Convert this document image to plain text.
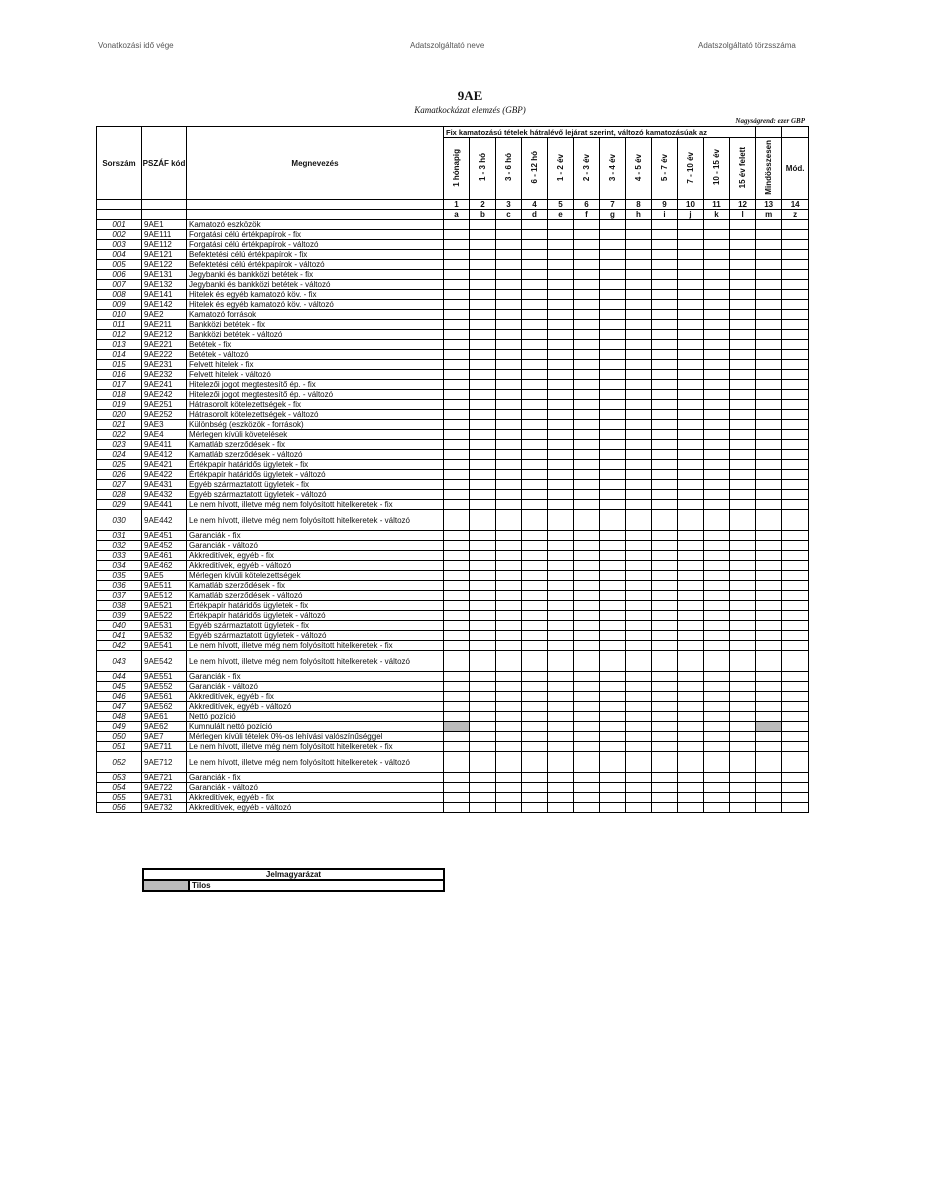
Vonatkozási idő vége	Adatszolgáltató neve	Adatszolgáltató törzsszáma
9AE
Kamatkockázat elemzés (GBP)
Nagyságrend: ezer GBP
Sorszám	PSZÁF kód	Megnevezés	Fix kamatozású tételek hátralévő lejárat szerint, változó kamatozásúak az													
			1 hónapig	1 - 3 hó	3 - 6 hó	6 - 12 hó	1 - 2 év	2 - 3 év	3 - 4 év	4 - 5 év	5 - 7 év	7 - 10 év	10 - 15 év	15 év felett	Mindösszesen	Mód.
			1	2	3	4	5	6	7	8	9	10	11	12	13	14
			a	b	c	d	e	f	g	h	i	j	k	l	m	z
001	9AE1	Kamatozó eszközök														
002	9AE111	Forgatási célú értékpapírok - fix														
003	9AE112	Forgatási célú értékpapírok - változó														
004	9AE121	Befektetési célú értékpapírok - fix														
005	9AE122	Befektetési célú értékpapírok - változó														
006	9AE131	Jegybanki és bankközi betétek - fix														
007	9AE132	Jegybanki és bankközi betétek - változó														
008	9AE141	Hitelek és egyéb kamatozó köv. - fix														
009	9AE142	Hitelek és egyéb kamatozó köv. - változó														
010	9AE2	Kamatozó források														
011	9AE211	Bankközi betétek - fix														
012	9AE212	Bankközi betétek - változó														
013	9AE221	Betétek - fix														
014	9AE222	Betétek - változó														
015	9AE231	Felvett hitelek - fix														
016	9AE232	Felvett hitelek - változó														
017	9AE241	Hitelezői jogot megtestesítő ép. - fix														
018	9AE242	Hitelezői jogot megtestesítő ép. - változó														
019	9AE251	Hátrasorolt kötelezettségek - fix														
020	9AE252	Hátrasorolt kötelezettségek - változó														
021	9AE3	Különbség (eszközök - források)														
022	9AE4	Mérlegen kívüli követelések														
023	9AE411	Kamatláb szerződések - fix														
024	9AE412	Kamatláb szerződések - változó														
025	9AE421	Értékpapír határidős ügyletek - fix														
026	9AE422	Értékpapír határidős ügyletek - változó														
027	9AE431	Egyéb származtatott ügyletek - fix														
028	9AE432	Egyéb származtatott ügyletek - változó														
029	9AE441	Le nem hívott, illetve még nem folyósított hitelkeretek - fix														
030	9AE442	Le nem hívott, illetve még nem folyósított hitelkeretek - változó														
031	9AE451	Garanciák - fix														
032	9AE452	Garanciák - változó														
033	9AE461	Akkreditívek, egyéb - fix														
034	9AE462	Akkreditívek, egyéb - változó														
035	9AE5	Mérlegen kívüli kötelezettségek														
036	9AE511	Kamatláb szerződések - fix														
037	9AE512	Kamatláb szerződések - változó														
038	9AE521	Értékpapír határidős ügyletek - fix														
039	9AE522	Értékpapír határidős ügyletek - változó														
040	9AE531	Egyéb származtatott ügyletek - fix														
041	9AE532	Egyéb származtatott ügyletek - változó														
042	9AE541	Le nem hívott, illetve még nem folyósított hitelkeretek - fix														
043	9AE542	Le nem hívott, illetve még nem folyósított hitelkeretek - változó														
044	9AE551	Garanciák - fix														
045	9AE552	Garanciák - változó														
046	9AE561	Akkreditívek, egyéb - fix														
047	9AE562	Akkreditívek, egyéb - változó														
048	9AE61	Nettó pozíció														
049	9AE62	Kumnulált nettó pozíció														
050	9AE7	Mérlegen kívüli tételek 0%-os lehívási valószínűséggel														
051	9AE711	Le nem hívott, illetve még nem folyósított hitelkeretek - fix														
052	9AE712	Le nem hívott, illetve még nem folyósított hitelkeretek - változó														
053	9AE721	Garanciák - fix														
054	9AE722	Garanciák - változó														
055	9AE731	Akkreditívek, egyéb - fix														
056	9AE732	Akkreditívek, egyéb - változó														
Jelmagyarázat
	Tilos
